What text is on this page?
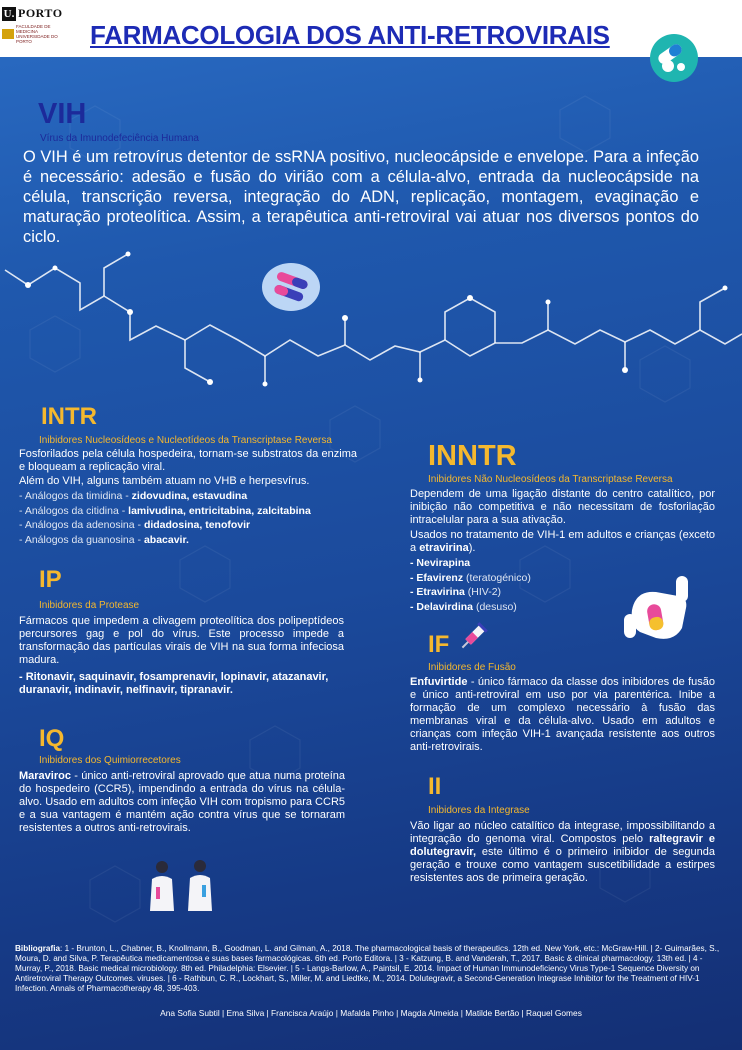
U. PORTO
FACULDADE DE MEDICINA UNIVERSIDADE DO PORTO	FARMACOLOGIA DOS ANTI-RETROVIRAIS
VIH
Vírus da Imunodefeciência Humana
O VIH é um retrovírus detentor de ssRNA positivo, nucleocápside e envelope. Para a infeção é necessário: adesão e fusão do virião com a célula-alvo, entrada da nucleocápside na célula, transcrição reversa, integração do ADN, replicação, montagem, evaginação e maturação proteolítica. Assim, a terapêutica anti-retroviral vai atuar nos diversos pontos do ciclo.
INTR
Inibidores Nucleosídeos e Nucleotídeos da Transcriptase Reversa
Fosforilados pela célula hospedeira, tornam-se substratos da enzima e bloqueam a replicação viral.
Além do VIH, alguns também atuam no VHB e herpesvírus.
- Análogos da timidina - zidovudina, estavudina
- Análogos da citidina - lamivudina, entricitabina, zalcitabina
- Análogos da adenosina - didadosina, tenofovir
- Análogos da guanosina - abacavir.
IP
Inibidores da Protease
Fármacos que impedem a clivagem proteolítica dos polipeptídeos percursores gag e pol do vírus. Este processo impede a transformação das partículas virais de VIH na sua forma infeciosa madura.
- Ritonavir, saquinavir, fosamprenavir, lopinavir, atazanavir, duranavir, indinavir, nelfinavir, tipranavir.
IQ
Inibidores dos Quimiorrecetores
Maraviroc - único anti-retroviral aprovado que atua numa proteína do hospedeiro (CCR5), impendindo a entrada do vírus na célula-alvo. Usado em adultos com infeção VIH com tropismo para CCR5 e a sua vantagem é mantém ação contra vírus que se tornaram resistentes a outros anti-retrovirais.
INNTR
Inibidores Não Nucleosídeos da Transcriptase Reversa
Dependem de uma ligação distante do centro catalítico, por inibição não competitiva e não necessitam de fosforilação intracelular para a sua ativação.
Usados no tratamento de VIH-1 em adultos e crianças (exceto a etravirina).
- Nevirapina
- Efavirenz (teratogénico)
- Etravirina (HIV-2)
- Delavirdina (desuso)
IF
Inibidores de Fusão
Enfuvirtide - único fármaco da classe dos inibidores de fusão e único anti-retroviral em uso por via parentérica. Inibe a formação de um complexo necessário à fusão das membranas viral e da célula-alvo. Usado em adultos e crianças com infeção VIH-1 avançada resistente aos outros anti-retrovirais.
II
Inibidores da Integrase
Vão ligar ao núcleo catalítico da integrase, impossibilitando a integração do genoma viral. Compostos pelo raltegravir e dolutegravir, este último é o primeiro inibidor de segunda geração e trouxe como vantagem suscetibilidade a estirpes resistentes aos de primeira geração.
Bibliografia: 1 - Brunton, L., Chabner, B., Knollmann, B., Goodman, L. and Gilman, A., 2018. The pharmacological basis of therapeutics. 12th ed. New York, etc.: McGraw-Hill. | 2- Guimarães, S., Moura, D. and Silva, P. Terapêutica medicamentosa e suas bases farmacológicas. 6th ed. Porto Editora. | 3 - Katzung, B. and Vanderah, T., 2017. Basic & clinical pharmacology. 13th ed. | 4 - Murray, P., 2018. Basic medical microbiology. 8th ed. Philadelphia: Elsevier. | 5 - Langs-Barlow, A., Paintsil, E. 2014. Impact of Human Immunodeficiency Virus Type-1 Sequence Diversity on Antiretroviral Therapy Outcomes. viruses. | 6 - Rathbun, C. R., Lockhart, S., Miller, M. and Liedtke, M., 2014. Dolutegravir, a Second-Generation Integrase Inhibitor for the Treatment of HIV-1 Infection. Annals of Pharmacotherapy 48, 395-403.
Ana Sofia Subtil | Ema Silva | Francisca Araújo | Mafalda Pinho | Magda Almeida | Matilde Bertão | Raquel Gomes
